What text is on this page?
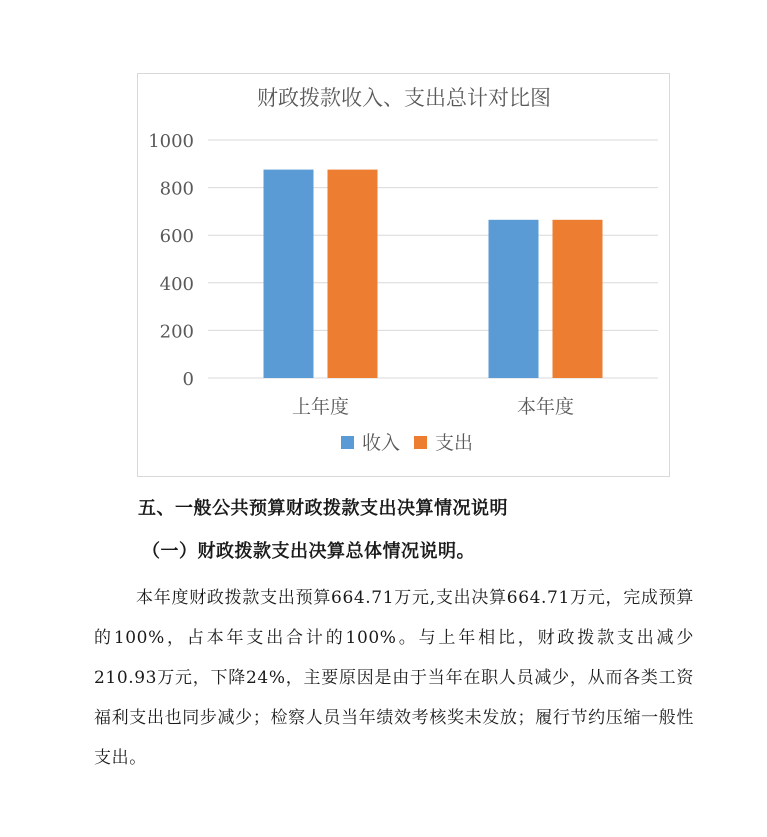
财政拨款收入、支出总计对比图
0
200
400
600
800
1000
上年度	本年度
收入 支出
五、一般公共预算财政拨款支出决算情况说明
（一）财政拨款支出决算总体情况说明。

本年度财政拨款支出预算664.71万元,支出决算664.71万元，完成预算的100%，占本年支出合计的100%。与上年相比，财政拨款支出减少210.93万元，下降24%，主要原因是由于当年在职人员减少，从而各类工资福利支出也同步减少；检察人员当年绩效考核奖未发放；履行节约压缩一般性支出。
